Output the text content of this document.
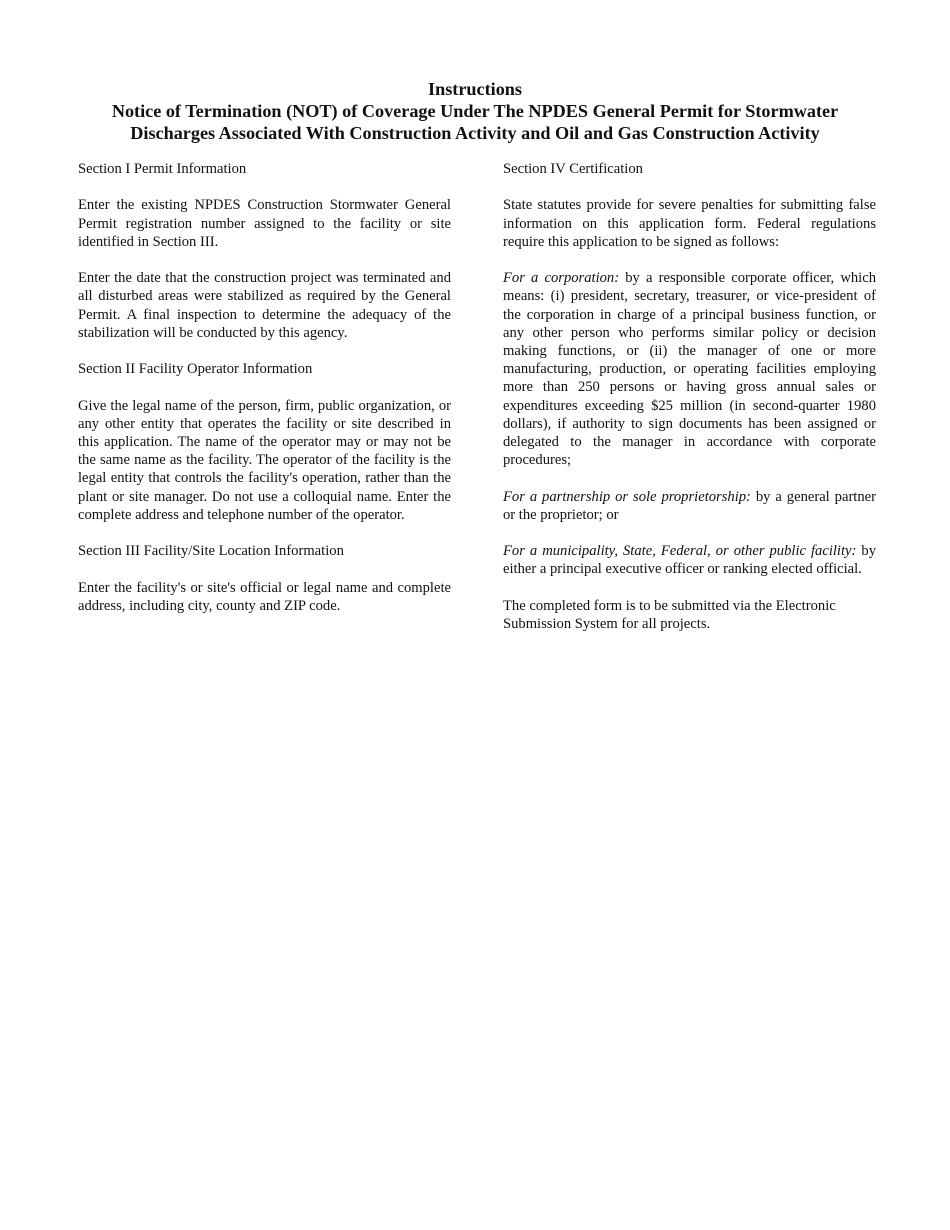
Instructions
Notice of Termination (NOT) of Coverage Under The NPDES General Permit for Stormwater
Discharges Associated With Construction Activity and Oil and Gas Construction Activity

Section I Permit Information

Enter the existing NPDES Construction Stormwater General Permit registration number assigned to the facility or site identified in Section III.

Enter the date that the construction project was terminated and all disturbed areas were stabilized as required by the General Permit. A final inspection to determine the adequacy of the stabilization will be conducted by this agency.

Section II Facility Operator Information

Give the legal name of the person, firm, public organization, or any other entity that operates the facility or site described in this application. The name of the operator may or may not be the same name as the facility. The operator of the facility is the legal entity that controls the facility's operation, rather than the plant or site manager. Do not use a colloquial name. Enter the complete address and telephone number of the operator.

Section III Facility/Site Location Information

Enter the facility's or site's official or legal name and complete address, including city, county and ZIP code.

Section IV Certification

State statutes provide for severe penalties for submitting false information on this application form. Federal regulations require this application to be signed as follows:

For a corporation: by a responsible corporate officer, which means: (i) president, secretary, treasurer, or vice-president of the corporation in charge of a principal business function, or any other person who performs similar policy or decision making functions, or (ii) the manager of one or more manufacturing, production, or operating facilities employing more than 250 persons or having gross annual sales or expenditures exceeding $25 million (in second-quarter 1980 dollars), if authority to sign documents has been assigned or delegated to the manager in accordance with corporate procedures;

For a partnership or sole proprietorship: by a general partner or the proprietor; or

For a municipality, State, Federal, or other public facility: by either a principal executive officer or ranking elected official.

The completed form is to be submitted via the Electronic Submission System for all projects.
